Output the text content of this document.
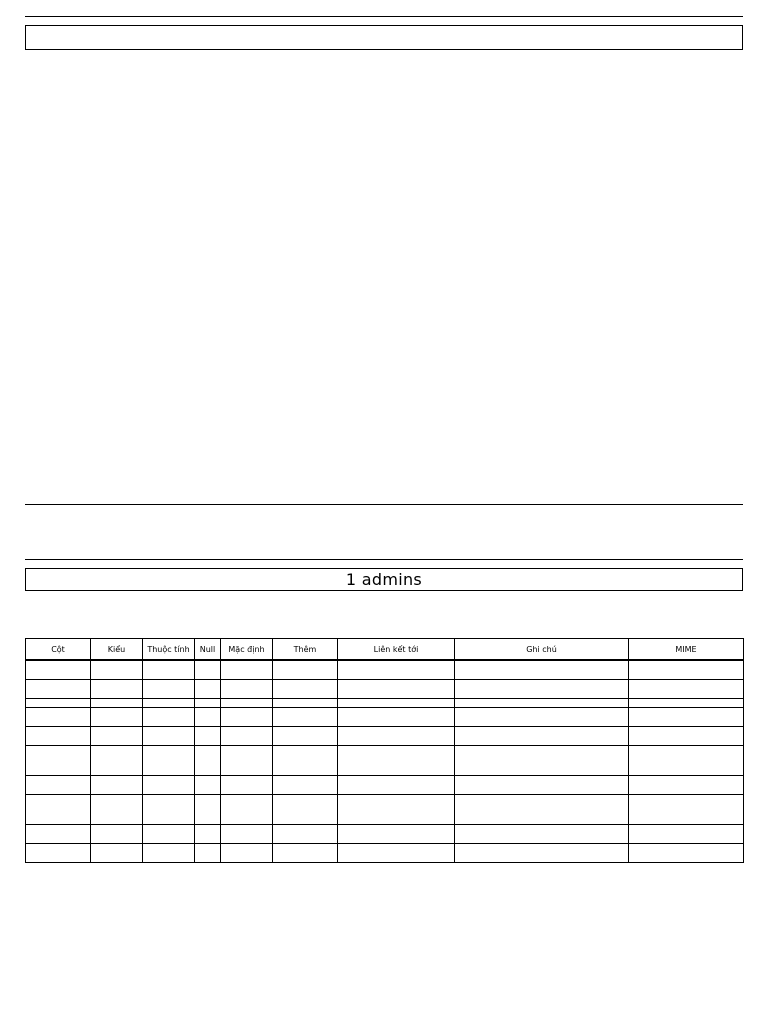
1 admins
Cột	Kiểu	Thuộc tính	Null	Mặc định	Thêm	Liên kết tới	Ghi chú	MIME
